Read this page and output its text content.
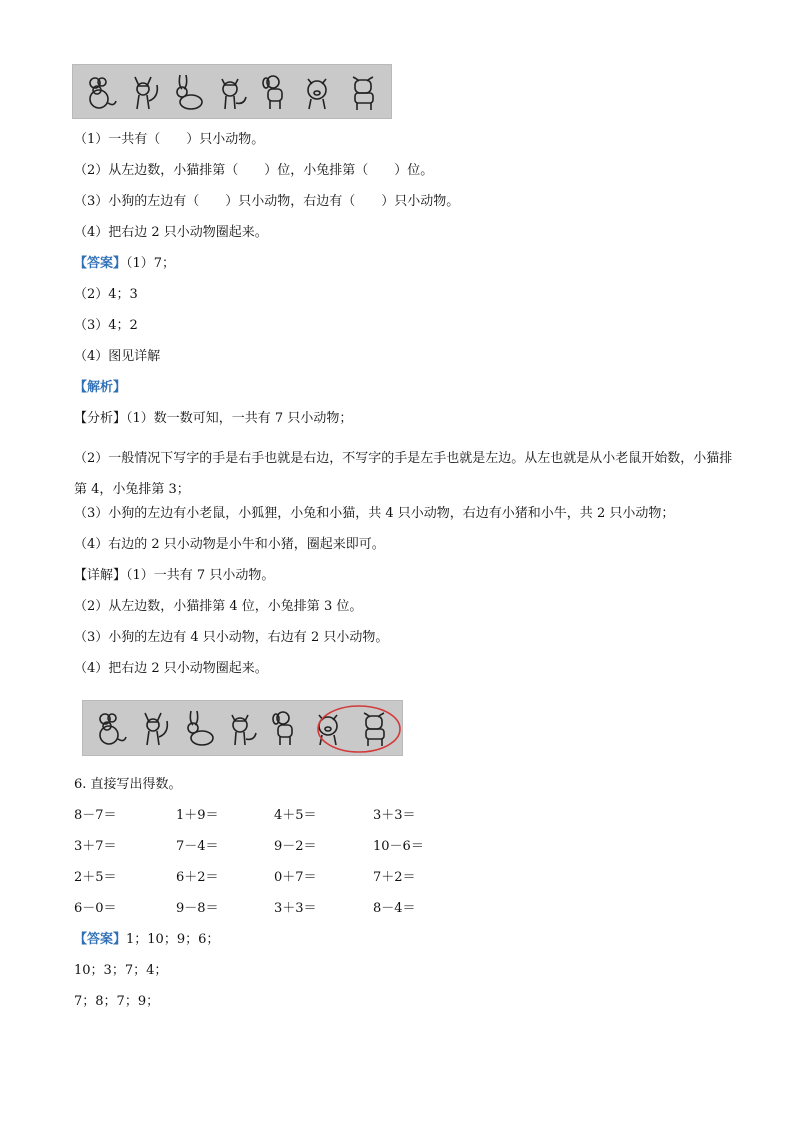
（1）一共有（　　）只小动物。
（2）从左边数，小猫排第（　　）位，小兔排第（　　）位。
（3）小狗的左边有（　　）只小动物，右边有（　　）只小动物。
（4）把右边 2 只小动物圈起来。
【答案】（1）7；
（2）4；3
（3）4；2
（4）图见详解
【解析】
【分析】（1）数一数可知，一共有 7 只小动物；
（2）一般情况下写字的手是右手也就是右边，不写字的手是左手也就是左边。从左也就是从小老鼠开始数，小猫排第 4，小兔排第 3；
（3）小狗的左边有小老鼠，小狐狸，小兔和小猫，共 4 只小动物，右边有小猪和小牛，共 2 只小动物；
（4）右边的 2 只小动物是小牛和小猪，圈起来即可。
【详解】（1）一共有 7 只小动物。
（2）从左边数，小猫排第 4 位，小兔排第 3 位。
（3）小狗的左边有 4 只小动物，右边有 2 只小动物。
（4）把右边 2 只小动物圈起来。
6. 直接写出得数。
8－7＝	1＋9＝	4＋5＝	3＋3＝
3＋7＝	7－4＝	9－2＝	10－6＝
2＋5＝	6＋2＝	0＋7＝	7＋2＝
6－0＝	9－8＝	3＋3＝	8－4＝
【答案】1；10；9；6；
10；3；7；4；
7；8；7；9；
